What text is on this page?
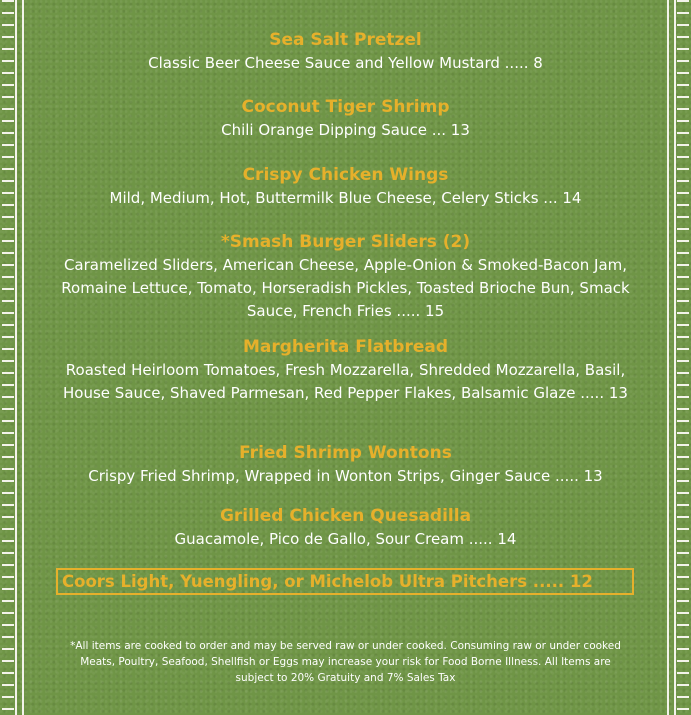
Sea Salt Pretzel
Classic Beer Cheese Sauce and Yellow Mustard ..... 8
Coconut Tiger Shrimp
Chili Orange Dipping Sauce ... 13
Crispy Chicken Wings
Mild, Medium, Hot, Buttermilk Blue Cheese, Celery Sticks ... 14
*Smash Burger Sliders (2)
Caramelized Sliders, American Cheese, Apple-Onion & Smoked-Bacon Jam, Romaine Lettuce, Tomato, Horseradish Pickles, Toasted Brioche Bun, Smack Sauce, French Fries ..... 15
Margherita Flatbread
Roasted Heirloom Tomatoes, Fresh Mozzarella, Shredded Mozzarella, Basil, House Sauce, Shaved Parmesan, Red Pepper Flakes, Balsamic Glaze ..... 13
Fried Shrimp Wontons
Crispy Fried Shrimp, Wrapped in Wonton Strips, Ginger Sauce ..... 13
Grilled Chicken Quesadilla
Guacamole, Pico de Gallo, Sour Cream ..... 14
Coors Light, Yuengling, or Michelob Ultra Pitchers ..... 12
*All items are cooked to order and may be served raw or under cooked. Consuming raw or under cooked Meats, Poultry, Seafood, Shellfish or Eggs may increase your risk for Food Borne Illness. All Items are subject to 20% Gratuity and 7% Sales Tax
